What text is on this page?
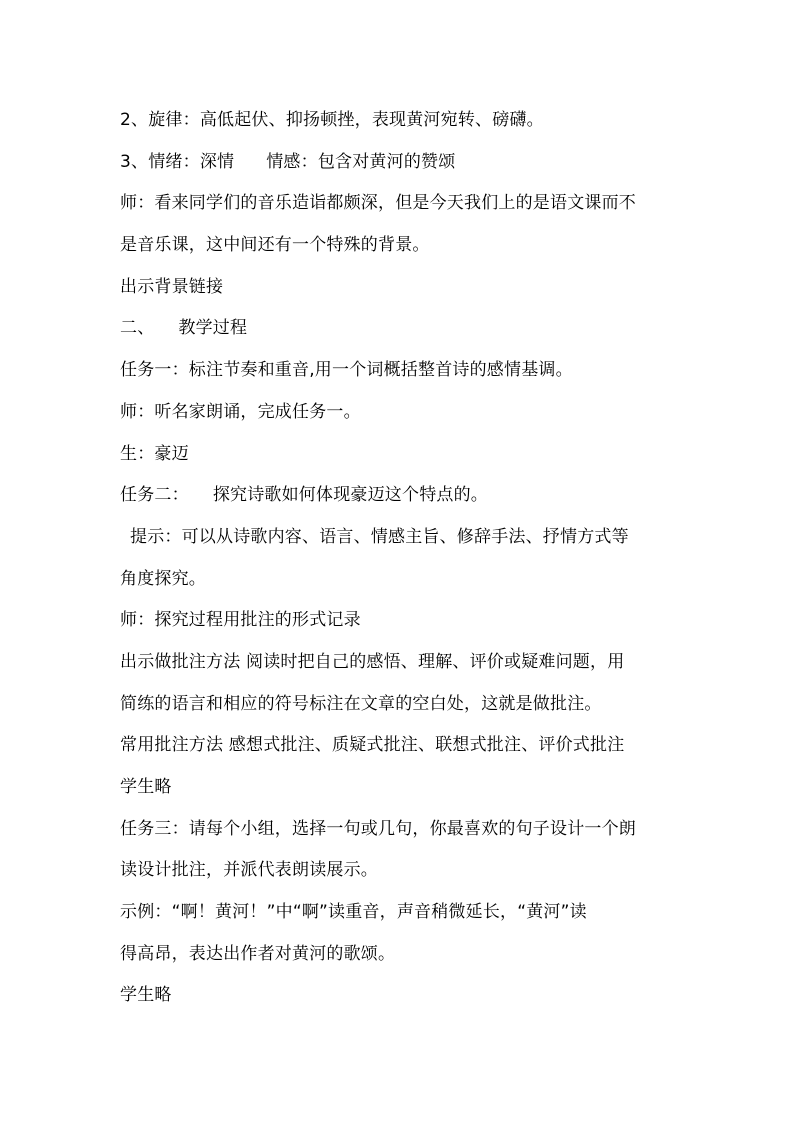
2、旋律：高低起伏、抑扬顿挫，表现黄河宛转、磅礴。
3、情绪：深情 情感：包含对黄河的赞颂
师：看来同学们的音乐造诣都颇深，但是今天我们上的是语文课而不
是音乐课，这中间还有一个特殊的背景。
出示背景链接
二、 教学过程
任务一：标注节奏和重音,用一个词概括整首诗的感情基调。
师：听名家朗诵，完成任务一。
生：豪迈
任务二： 探究诗歌如何体现豪迈这个特点的。
提示：可以从诗歌内容、语言、情感主旨、修辞手法、抒情方式等
角度探究。
师：探究过程用批注的形式记录
出示做批注方法 阅读时把自己的感悟、理解、评价或疑难问题，用
简练的语言和相应的符号标注在文章的空白处，这就是做批注。
常用批注方法 感想式批注、质疑式批注、联想式批注、评价式批注
学生略
任务三：请每个小组，选择一句或几句，你最喜欢的句子设计一个朗
读设计批注，并派代表朗读展示。
示例：“啊！黄河！”中“啊”读重音，声音稍微延长，“黄河”读
得高昂，表达出作者对黄河的歌颂。
学生略
